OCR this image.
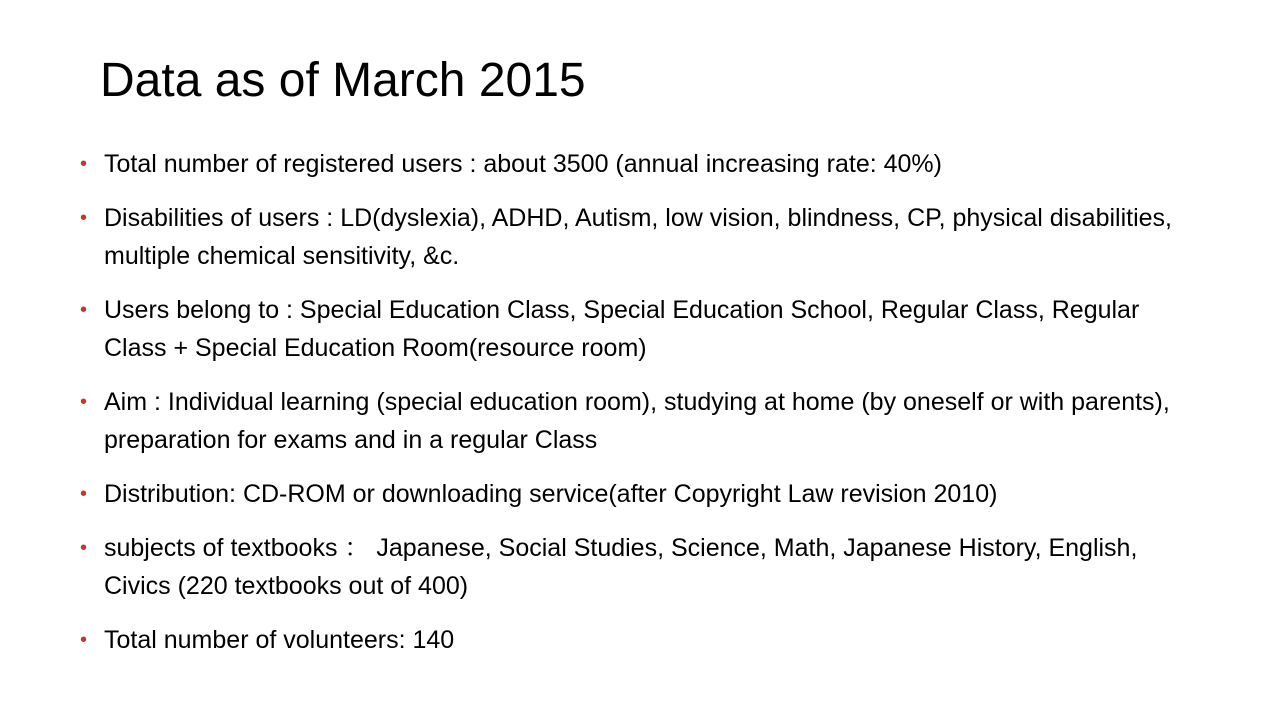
Data as of March 2015
• Total number of registered users : about 3500 (annual increasing rate: 40%)
• Disabilities of users : LD(dyslexia), ADHD, Autism, low vision, blindness, CP, physical disabilities, multiple chemical sensitivity, &c.
• Users belong to : Special Education Class, Special Education School, Regular Class, Regular Class + Special Education Room(resource room)
• Aim : Individual learning (special education room), studying at home (by oneself or with parents), preparation for exams and in a regular Class
• Distribution: CD-ROM or downloading service(after Copyright Law revision 2010)
• subjects of textbooks ： Japanese, Social Studies, Science, Math, Japanese History, English, Civics (220 textbooks out of 400)
• Total number of volunteers: 140
